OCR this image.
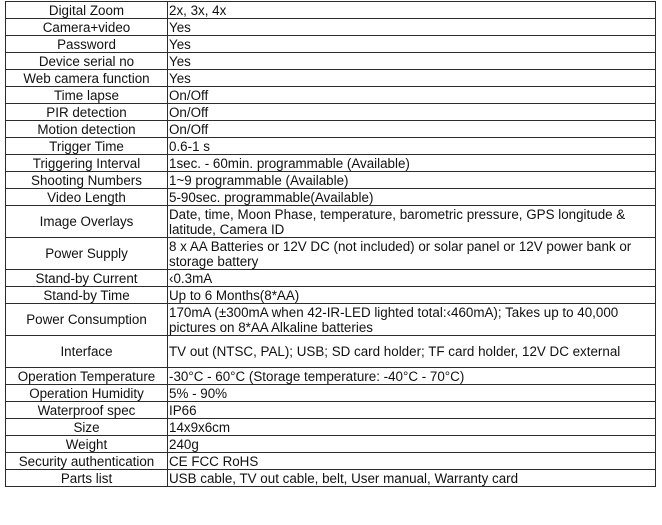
Digital Zoom	2x, 3x, 4x
Camera+video	Yes
Password	Yes
Device serial no	Yes
Web camera function	Yes
Time lapse	On/Off
PIR detection	On/Off
Motion detection	On/Off
Trigger Time	0.6-1 s
Triggering Interval	1sec. - 60min. programmable (Available)
Shooting Numbers	1~9 programmable (Available)
Video Length	5-90sec. programmable(Available)
Image Overlays	Date, time, Moon Phase, temperature, barometric pressure, GPS longitude & latitude, Camera ID
Power Supply	8 x AA Batteries or 12V DC (not included) or solar panel or 12V power bank or storage battery
Stand-by Current	‹0.3mA
Stand-by Time	Up to 6 Months(8*AA)
Power Consumption	170mA (±300mA when 42-IR-LED lighted total:‹460mA); Takes up to 40,000 pictures on 8*AA Alkaline batteries
Interface	TV out (NTSC, PAL); USB; SD card holder; TF card holder, 12V DC external
Operation Temperature	-30°C - 60°C (Storage temperature: -40°C - 70°C)
Operation Humidity	5% - 90%
Waterproof spec	IP66
Size	14x9x6cm
Weight	240g
Security authentication	CE FCC RoHS
Parts list	USB cable, TV out cable, belt, User manual, Warranty card
